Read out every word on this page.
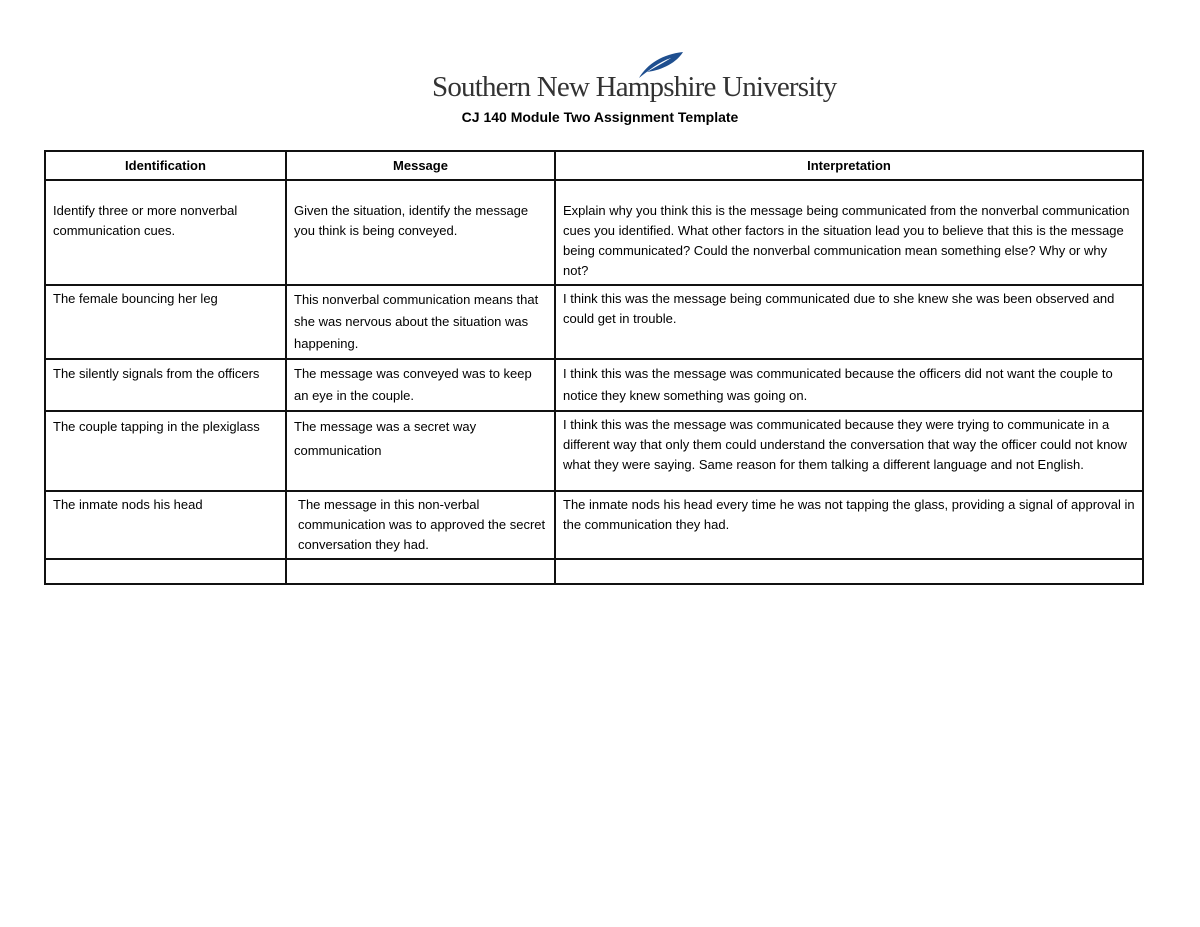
Southern New Hampshire University
CJ 140 Module Two Assignment Template
Identification	Message	Interpretation
Identify three or more nonverbal communication cues.	Given the situation, identify the message you think is being conveyed.	Explain why you think this is the message being communicated from the nonverbal communication cues you identified. What other factors in the situation lead you to believe that this is the message being communicated? Could the nonverbal communication mean something else? Why or why not?
The female bouncing her leg	This nonverbal communication means that she was nervous about the situation was happening.	I think this was the message being communicated due to she knew she was been observed and could get in trouble.
The silently signals from the officers	The message was conveyed was to keep an eye in the couple.	I think this was the message was communicated because the officers did not want the couple to notice they knew something was going on.
The couple tapping in the plexiglass	The message was a secret way communication	I think this was the message was communicated because they were trying to communicate in a different way that only them could understand the conversation that way the officer could not know what they were saying. Same reason for them talking a different language and not English.
The inmate nods his head	The message in this non-verbal communication was to approved the secret conversation they had.	The inmate nods his head every time he was not tapping the glass, providing a signal of approval in the communication they had.
